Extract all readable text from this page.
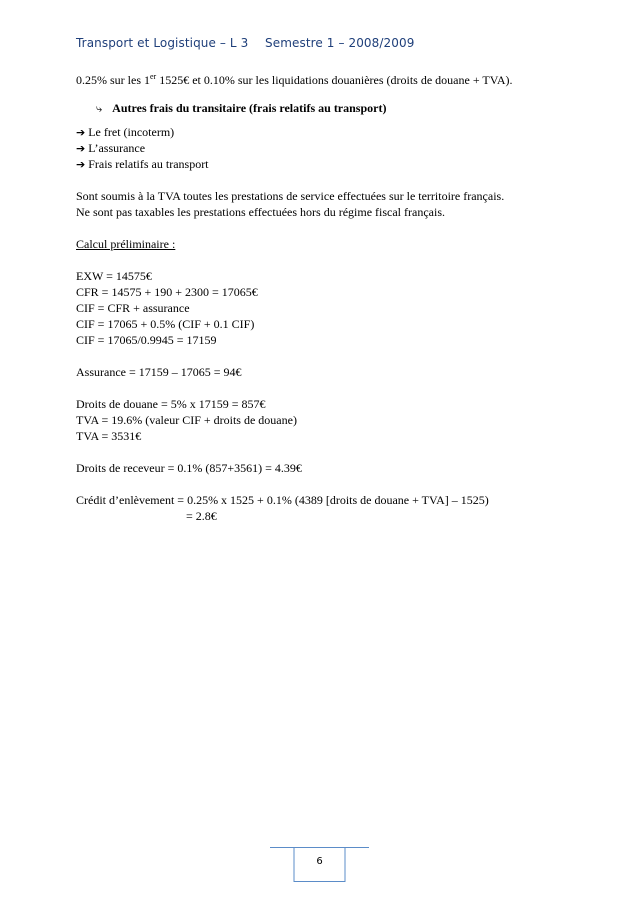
Transport et Logistique – L 3 Semestre 1 – 2008/2009
0.25% sur les 1er 1525€ et 0.10% sur les liquidations douanières (droits de douane + TVA).
⤷ Autres frais du transitaire (frais relatifs au transport)
➔ Le fret (incoterm)
➔ L’assurance
➔ Frais relatifs au transport
Sont soumis à la TVA toutes les prestations de service effectuées sur le territoire français.
Ne sont pas taxables les prestations effectuées hors du régime fiscal français.
Calcul préliminaire :
EXW = 14575€
CFR = 14575 + 190 + 2300 = 17065€
CIF = CFR + assurance
CIF = 17065 + 0.5% (CIF + 0.1 CIF)
CIF = 17065/0.9945 = 17159
Assurance = 17159 – 17065 = 94€
Droits de douane = 5% x 17159 = 857€
TVA = 19.6% (valeur CIF + droits de douane)
TVA = 3531€
Droits de receveur = 0.1% (857+3561) = 4.39€
Crédit d’enlèvement = 0.25% x 1525 + 0.1% (4389 [droits de douane + TVA] – 1525)
= 2.8€
6
